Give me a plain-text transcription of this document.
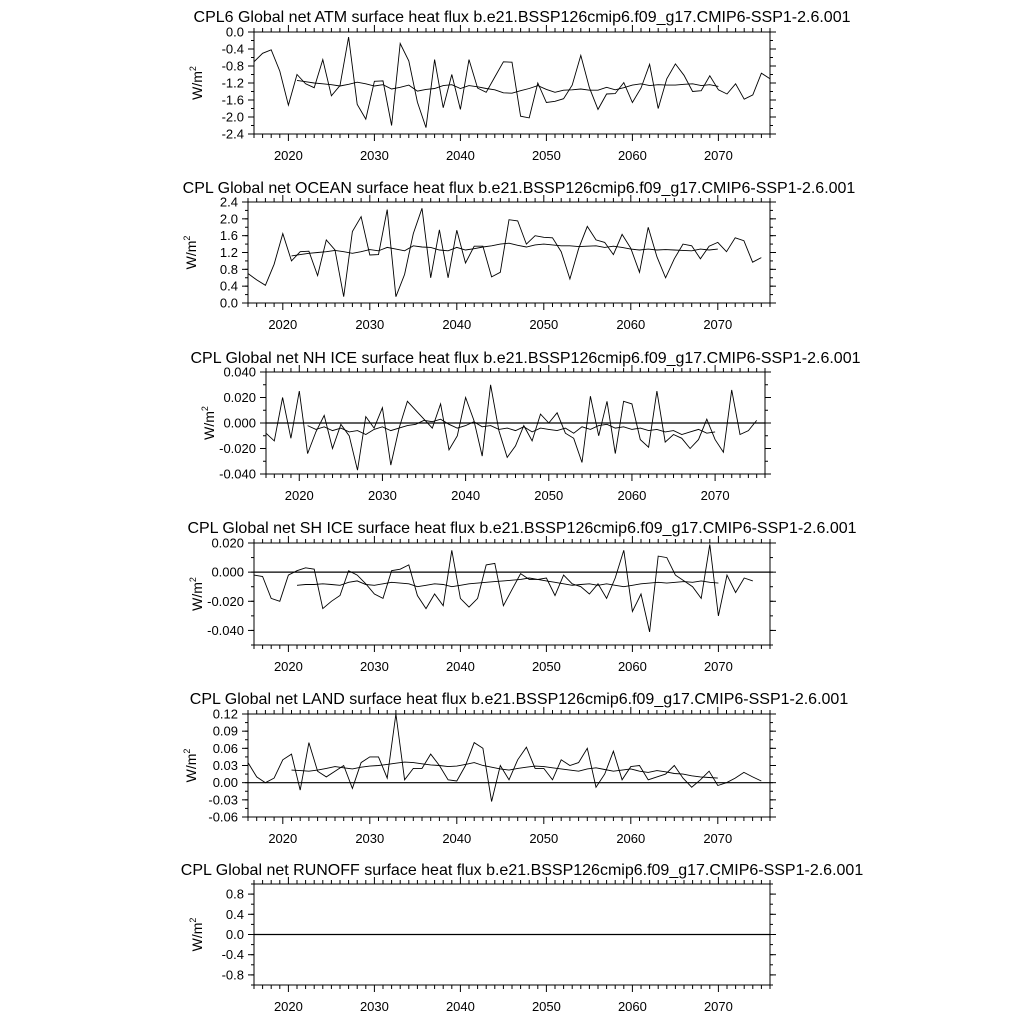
CPL6 Global net ATM surface heat flux b.e21.BSSP126cmip6.f09_g17.CMIP6-SSP1-2.6.001
2020	2030	2040	2050	2060	2070
0.0
-0.4
-0.8
-1.2
-1.6
-2.0
-2.4
$W/m^2$
CPL Global net OCEAN surface heat flux b.e21.BSSP126cmip6.f09_g17.CMIP6-SSP1-2.6.001
2020	2030	2040	2050	2060	2070
2.4
2.0
1.6
1.2
0.8
0.4
0.0
$W/m^2$
CPL Global net NH ICE surface heat flux b.e21.BSSP126cmip6.f09_g17.CMIP6-SSP1-2.6.001
2020	2030	2040	2050	2060	2070
0.040
0.020
0.000
-0.020
-0.040
$W/m^2$
CPL Global net SH ICE surface heat flux b.e21.BSSP126cmip6.f09_g17.CMIP6-SSP1-2.6.001
2020	2030	2040	2050	2060	2070
0.020
0.000
-0.020
-0.040
$W/m^2$
CPL Global net LAND surface heat flux b.e21.BSSP126cmip6.f09_g17.CMIP6-SSP1-2.6.001
2020	2030	2040	2050	2060	2070
0.12
0.09
0.06
0.03
0.00
-0.03
-0.06
$W/m^2$
CPL Global net RUNOFF surface heat flux b.e21.BSSP126cmip6.f09_g17.CMIP6-SSP1-2.6.001
2020	2030	2040	2050	2060	2070
0.8
0.4
0.0
-0.4
-0.8
$W/m^2$
